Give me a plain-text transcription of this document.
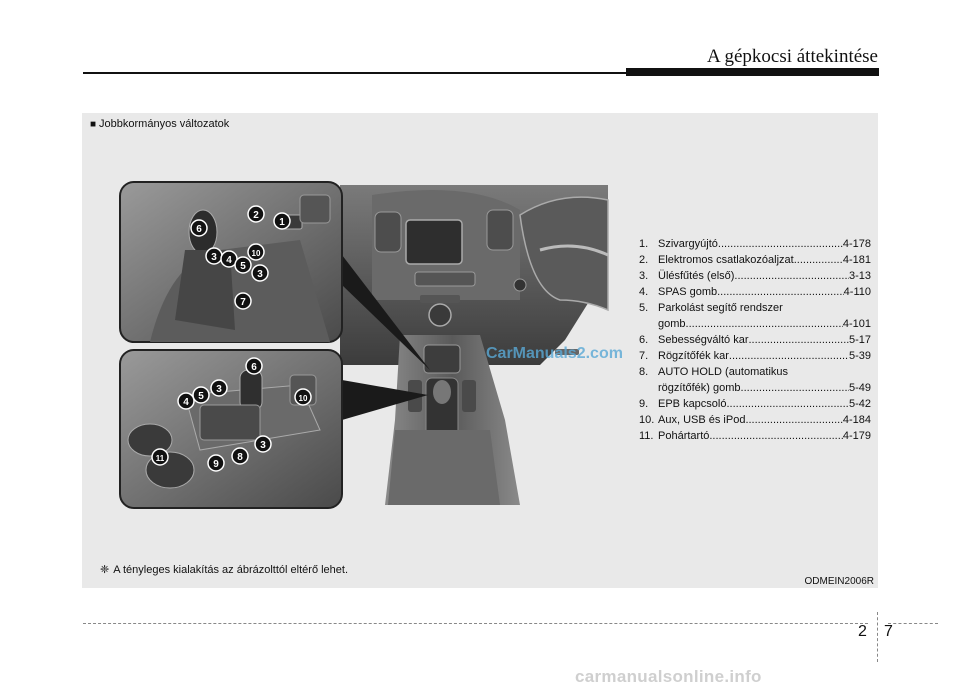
A gépkocsi áttekintése
■ Jobbkormányos változatok
2
1
6
3 4
10
5
3
7
6
5
3
4	10
3
11	8
9
CarManuals2.com
1. Szivargyújtó .....	4-178
2. Elektromos csatlakozóaljzat .....	4-181
3. Ülésfűtés (első) .....	3-13
4. SPAS gomb .....	4-110
5. Parkolást segítő rendszer
gomb .....	4-101
6. Sebességváltó kar .....	5-17
7. Rögzítőfék kar .....	5-39
8. AUTO HOLD (automatikus
rögzítőfék) gomb .....	5-49
9. EPB kapcsoló .....	5-42
10. Aux, USB és iPod .....	4-184
11. Pohártartó .....	4-179
❈ A tényleges kialakítás az ábrázolttól eltérő lehet.
ODMEIN2006R
2 7
carmanualsonline.info
